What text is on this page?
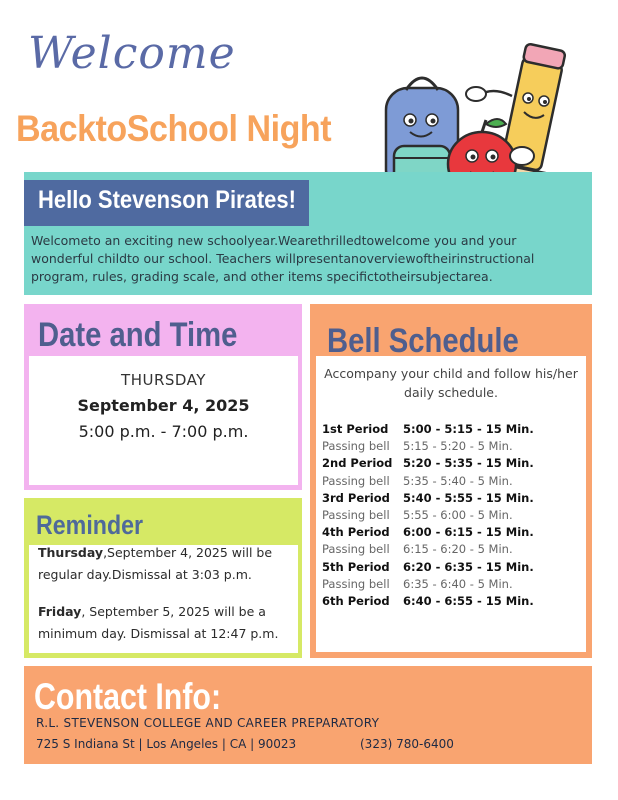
Welcome
BacktoSchool Night
Hello Stevenson Pirates!
Welcometo an exciting new schoolyear.Wearethrilledtowelcome you and your wonderful childto our school. Teachers willpresentanoverviewoftheirinstructional program, rules, grading scale, and other items specifictotheirsubjectarea.
Date and Time
THURSDAY
September 4, 2025
5:00 p.m. - 7:00 p.m.
Reminder
Thursday,September 4, 2025 will be regular day.Dismissal at 3:03 p.m.
Friday, September 5, 2025 will be a minimum day. Dismissal at 12:47 p.m.
Bell Schedule
Accompany your child and follow his/her daily schedule.
1st Period 5:00 - 5:15 - 15 Min.
Passing bell 5:15 - 5:20 - 5 Min.
2nd Period 5:20 - 5:35 - 15 Min.
Passing bell 5:35 - 5:40 - 5 Min.
3rd Period 5:40 - 5:55 - 15 Min.
Passing bell 5:55 - 6:00 - 5 Min.
4th Period 6:00 - 6:15 - 15 Min.
Passing bell 6:15 - 6:20 - 5 Min.
5th Period 6:20 - 6:35 - 15 Min.
Passing bell 6:35 - 6:40 - 5 Min.
6th Period 6:40 - 6:55 - 15 Min.
Contact Info:
R.L. STEVENSON COLLEGE AND CAREER PREPARATORY
725 S Indiana St | Los Angeles | CA | 90023	(323) 780-6400
